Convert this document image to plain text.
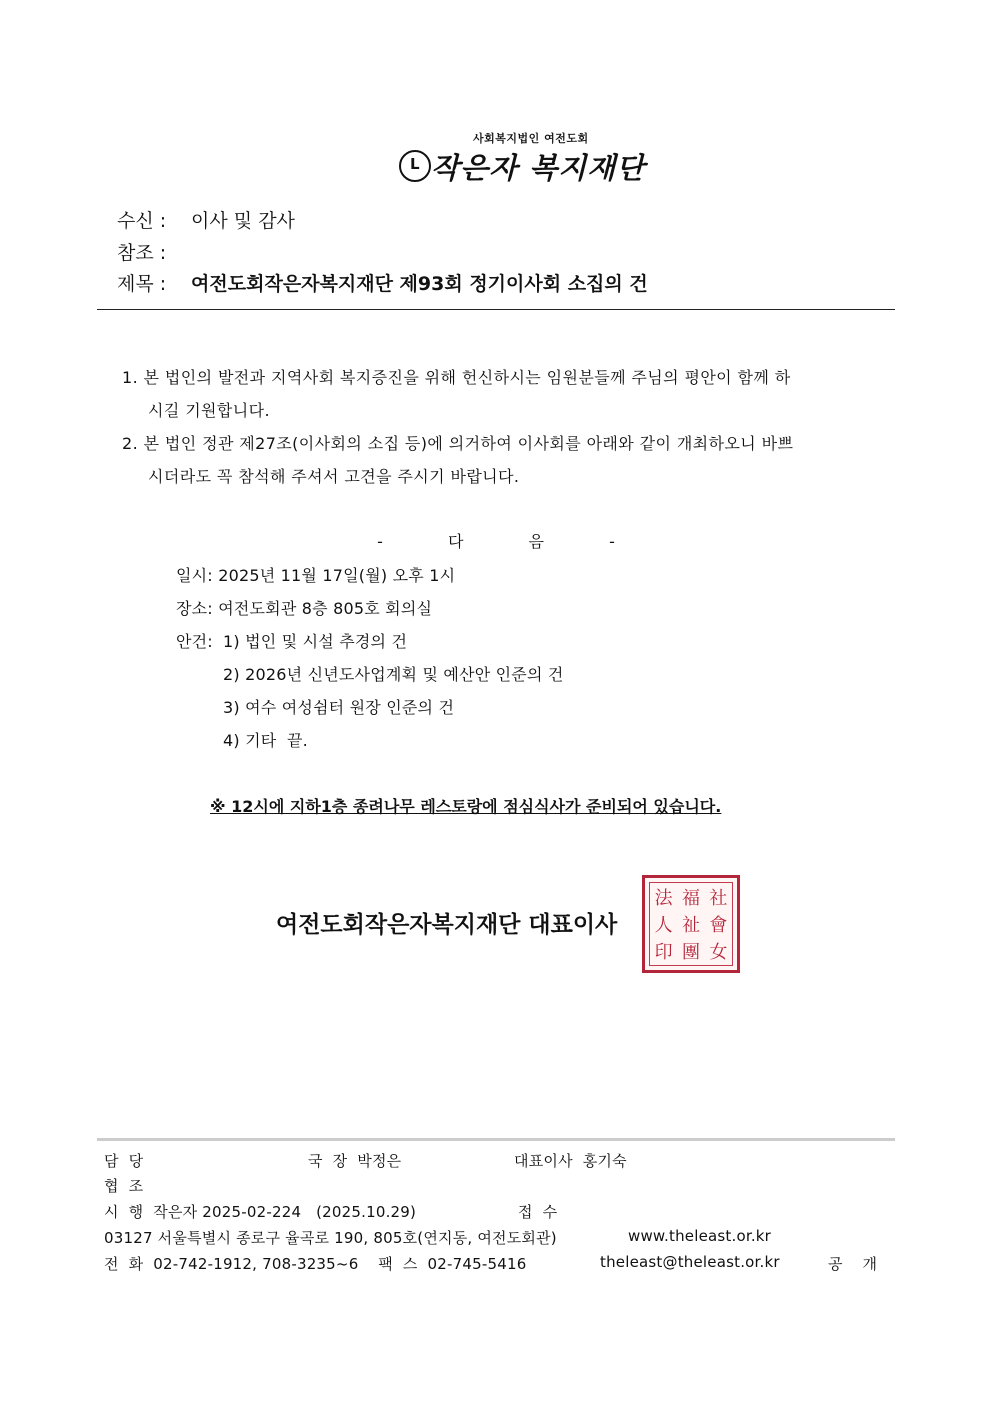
L
사회복지법인 여전도회
작은자 복지재단
수신 : 이사 및 감사
참조 :
제목 : 여전도회작은자복지재단 제93회 정기이사회 소집의 건
1. 본 법인의 발전과 지역사회 복지증진을 위해 헌신하시는 임원분들께 주님의 평안이 함께 하
시길 기원합니다.
2. 본 법인 정관 제27조(이사회의 소집 등)에 의거하여 이사회를 아래와 같이 개최하오니 바쁘
시더라도 꼭 참석해 주셔서 고견을 주시기 바랍니다.
- 다 음 -
일시: 2025년 11월 17일(월) 오후 1시
장소: 여전도회관 8층 805호 회의실
안건: 1) 법인 및 시설 추경의 건
2) 2026년 신년도사업계획 및 예산안 인준의 건
3) 여수 여성쉼터 원장 인준의 건
4) 기타  끝.
※ 12시에 지하1층 종려나무 레스토랑에 점심식사가 준비되어 있습니다.
여전도회작은자복지재단 대표이사
法 福 社
人 祉 會
印 團 女
담  당	국  장  박정은	대표이사  홍기숙
협  조
시  행  작은자 2025-02-224   (2025.10.29)	접  수
03127 서울특별시 종로구 율곡로 190, 805호(연지동, 여전도회관)	www.theleast.or.kr
전  화  02-742-1912, 708-3235~6    팩  스  02-745-5416	theleast@theleast.or.kr	공    개
